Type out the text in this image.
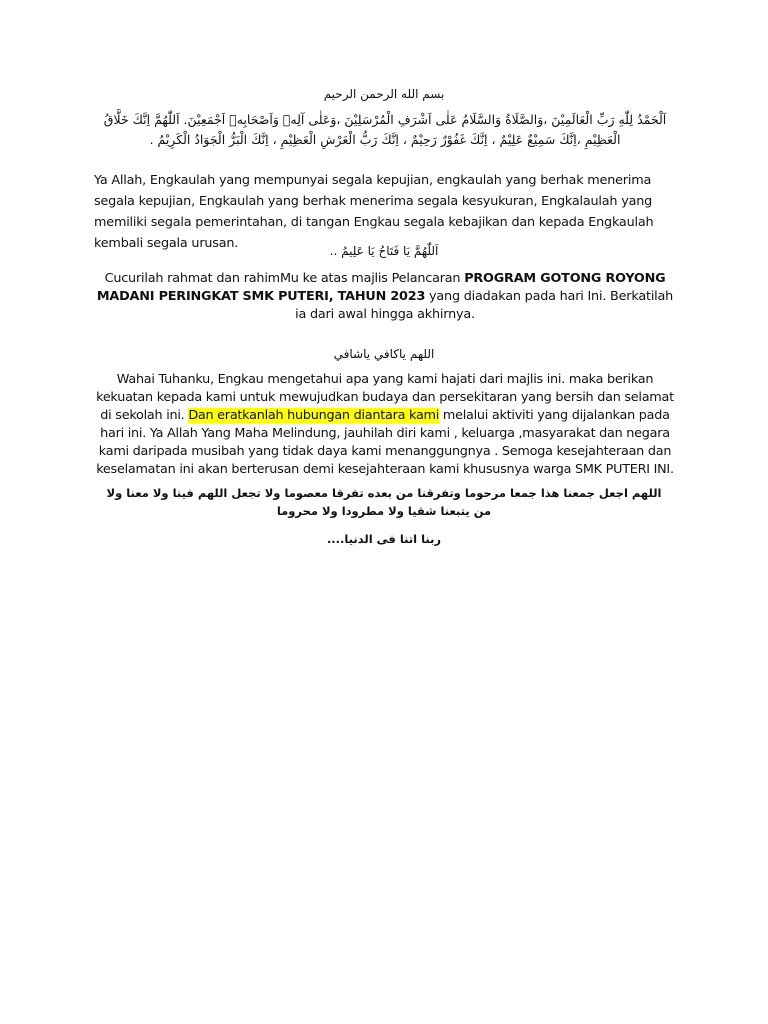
بسم الله الرحمن الرحيم
اَلْحَمْدُ لِلّٰهِ رَبِّ الْعَالَمِيْنَ ،وَالصَّلَاةُ وَالسَّلَامُ عَلٰى اَشْرَفِ الْمُرْسَلِيْنَ ،وَعَلٰى آلِهٖ وَاَصْحَابِهٖ اَجْمَعِيْنَ. اَللّٰهُمَّ اِنَّكَ خَلَّاقُ الْعَظِيْمِ ،اِنَّكَ سَمِيْعٌ عَلِيْمٌ ، اِنَّكَ غَفُوْرٌ رَحِيْمٌ ، اِنَّكَ رَبُّ الْعَرْشِ الْعَظِيْمِ ، اِنَّكَ الْبَرُّ الْجَوَادُ الْكَرِيْمُ .

Ya Allah, Engkaulah yang mempunyai segala kepujian, engkaulah yang berhak menerima segala kepujian, Engkaulah yang berhak menerima segala kesyukuran, Engkalaulah yang memiliki segala pemerintahan, di tangan Engkau segala kebajikan dan kepada Engkaulah kembali segala urusan.	اَللّٰهُمَّ يَا فَتَاحُ يَا عَلِيمُ ..

Cucurilah rahmat dan rahimMu ke atas majlis Pelancaran PROGRAM GOTONG ROYONG MADANI PERINGKAT SMK PUTERI, TAHUN 2023 yang diadakan pada hari Ini. Berkatilah ia dari awal hingga akhirnya.

اللهم ياكافي ياشافي

Wahai Tuhanku, Engkau mengetahui apa yang kami hajati dari majlis ini. maka berikan kekuatan kepada kami untuk mewujudkan budaya dan persekitaran yang bersih dan selamat di sekolah ini. Dan eratkanlah hubungan diantara kami melalui aktiviti yang dijalankan pada hari ini. Ya Allah Yang Maha Melindung, jauhilah diri kami , keluarga ,masyarakat dan negara kami daripada musibah yang tidak daya kami menanggungnya . Semoga kesejahteraan dan keselamatan ini akan berterusan demi kesejahteraan kami khususnya warga SMK PUTERI INI.

اللهم اجعل جمعنا هذا جمعا مرحوما وتفرقنا من بعده تفرقا معصوما ولا تجعل اللهم فينا ولا معنا ولا من يتبعنا شقيا ولا مطرودا ولا محروما
ربنا اتنا فى الدنيا....
